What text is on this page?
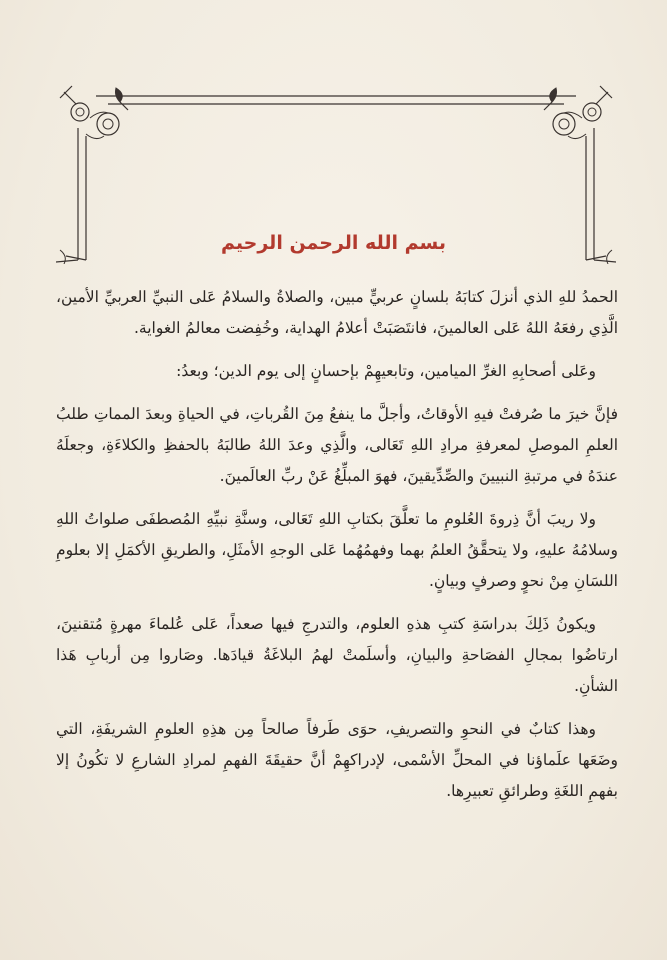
بسم الله الرحمن الرحيم

الحمدُ للهِ الذي أنزلَ كتابَهُ بلسانٍ عربيٍّ مبين، والصلاةُ والسلامُ عَلى النبيِّ العربيِّ الأمين، الَّذِي رفعَهُ اللهُ عَلى العالمينَ، فانتَصَبَتْ أعلامُ الهداية، وخُفِضت معالمُ الغواية.

وعَلى أصحابِهِ الغرِّ الميامين، وتابعيهِمْ بإحسانٍ إلى يوم الدين؛ وبعدُ:

فإنَّ خيرَ ما صُرفتْ فيهِ الأوقاتُ، وأجلَّ ما ينفعُ مِنَ القُرباتِ، في الحياةِ وبعدَ المماتِ طلبُ العلمِ الموصلِ لمعرفةِ مرادِ اللهِ تَعَالى، والَّذِي وعدَ اللهُ طالبَهُ بالحفظِ والكلاءَةِ، وجعلَهُ عندَهُ في مرتبةِ النبيينَ والصِّدِّيقينَ، فهوَ المبلِّغُ عَنْ ربِّ العالَمينَ.

ولا ريبَ أنَّ ذِروةَ العُلومِ ما تعلَّقَ بكتابِ اللهِ تَعَالى، وسنَّةِ نبيِّهِ المُصطفَى صلواتُ اللهِ وسلامُهُ عليهِ، ولا يتحقَّقُ العلمُ بهما وفهمُهُما عَلى الوجهِ الأمثَلِ، والطريقِ الأكمَلِ إلا بعلومِ اللسَانِ مِنْ نحوٍ وصرفٍ وبيانٍ.

ويكونُ ذَلِكَ بدراسَةِ كتبِ هذهِ العلوم، والتدرجِ فيها صعداً، عَلى عُلماءَ مهرةٍ مُتقنينَ، ارتاضُوا بمجالِ الفصَاحةِ والبيانِ، وأسلَمتْ لهمُ البلاغَةُ قيادَها. وصَاروا مِن أربابِ هَذا الشأنِ.

وهذا كتابٌ في النحوِ والتصريفِ، حوَى طَرفاً صالحاً مِن هذِهِ العلومِ الشريفَةِ، التي وضَعَها علَماؤنا في المحلِّ الأسْمى، لإدراكهِمْ أنَّ حقيقَةَ الفهمِ لمرادِ الشارعِ لا تكُونُ إلا بفهمِ اللغَةِ وطرائقِ تعبيرِها.
